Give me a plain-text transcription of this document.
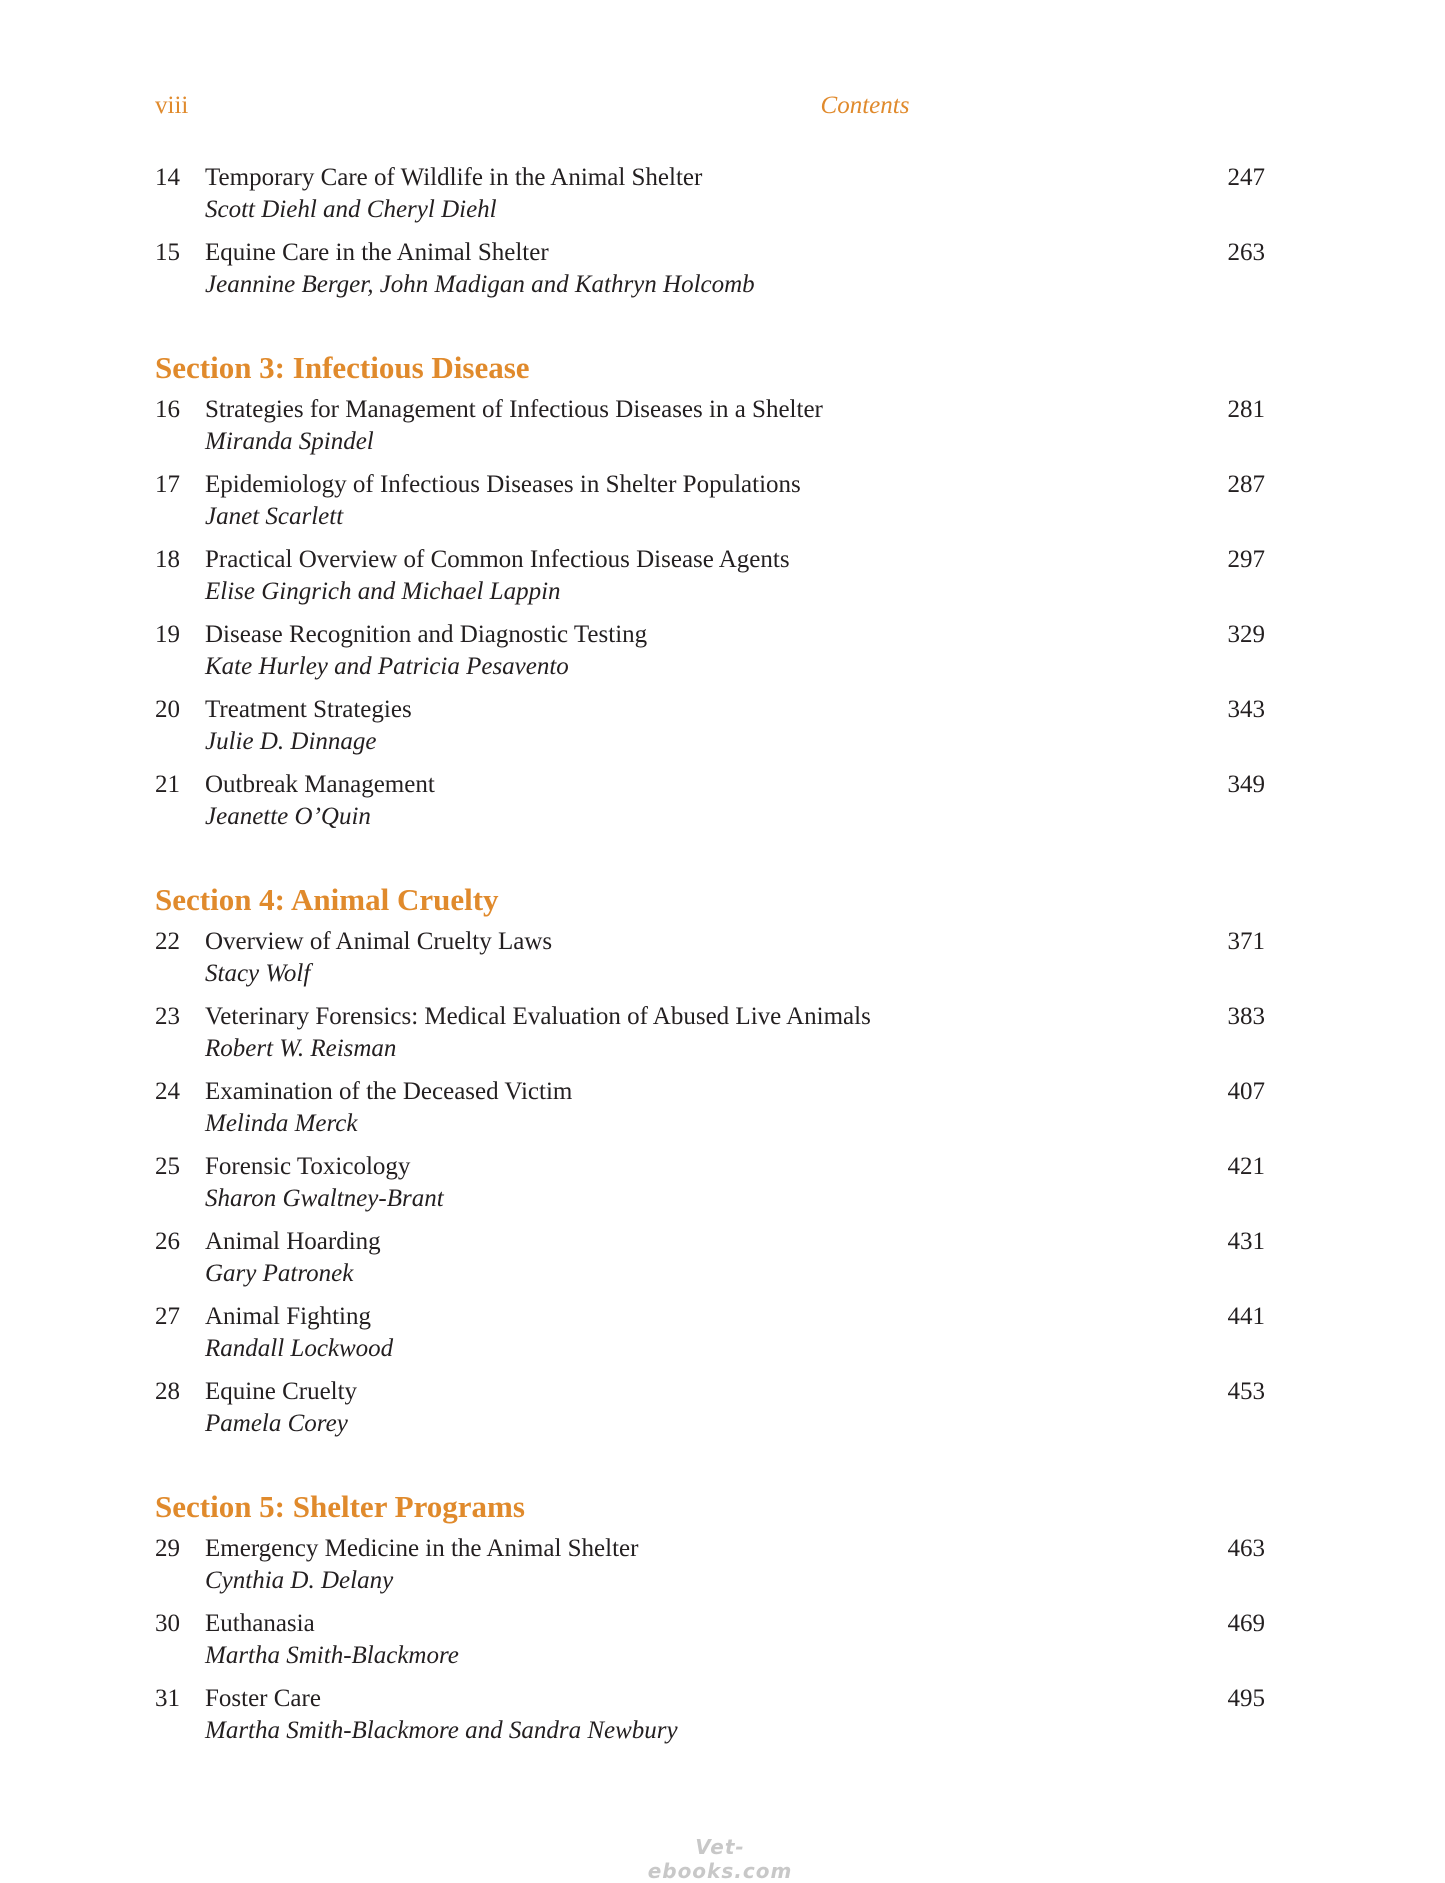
viii	Contents
14 Temporary Care of Wildlife in the Animal Shelter
Scott Diehl and Cheryl Diehl
247
15 Equine Care in the Animal Shelter
Jeannine Berger, John Madigan and Kathryn Holcomb
263
Section 3: Infectious Disease
16 Strategies for Management of Infectious Diseases in a Shelter
Miranda Spindel
281
17 Epidemiology of Infectious Diseases in Shelter Populations
Janet Scarlett
287
18 Practical Overview of Common Infectious Disease Agents
Elise Gingrich and Michael Lappin
297
19 Disease Recognition and Diagnostic Testing
Kate Hurley and Patricia Pesavento
329
20 Treatment Strategies
Julie D. Dinnage
343
21 Outbreak Management
Jeanette O’Quin
349
Section 4: Animal Cruelty
22 Overview of Animal Cruelty Laws
Stacy Wolf
371
23 Veterinary Forensics: Medical Evaluation of Abused Live Animals
Robert W. Reisman
383
24 Examination of the Deceased Victim
Melinda Merck
407
25 Forensic Toxicology
Sharon Gwaltney-Brant
421
26 Animal Hoarding
Gary Patronek
431
27 Animal Fighting
Randall Lockwood
441
28 Equine Cruelty
Pamela Corey
453
Section 5: Shelter Programs
29 Emergency Medicine in the Animal Shelter
Cynthia D. Delany
463
30 Euthanasia
Martha Smith-Blackmore
469
31 Foster Care
Martha Smith-Blackmore and Sandra Newbury
495
Vet-ebooks.com
